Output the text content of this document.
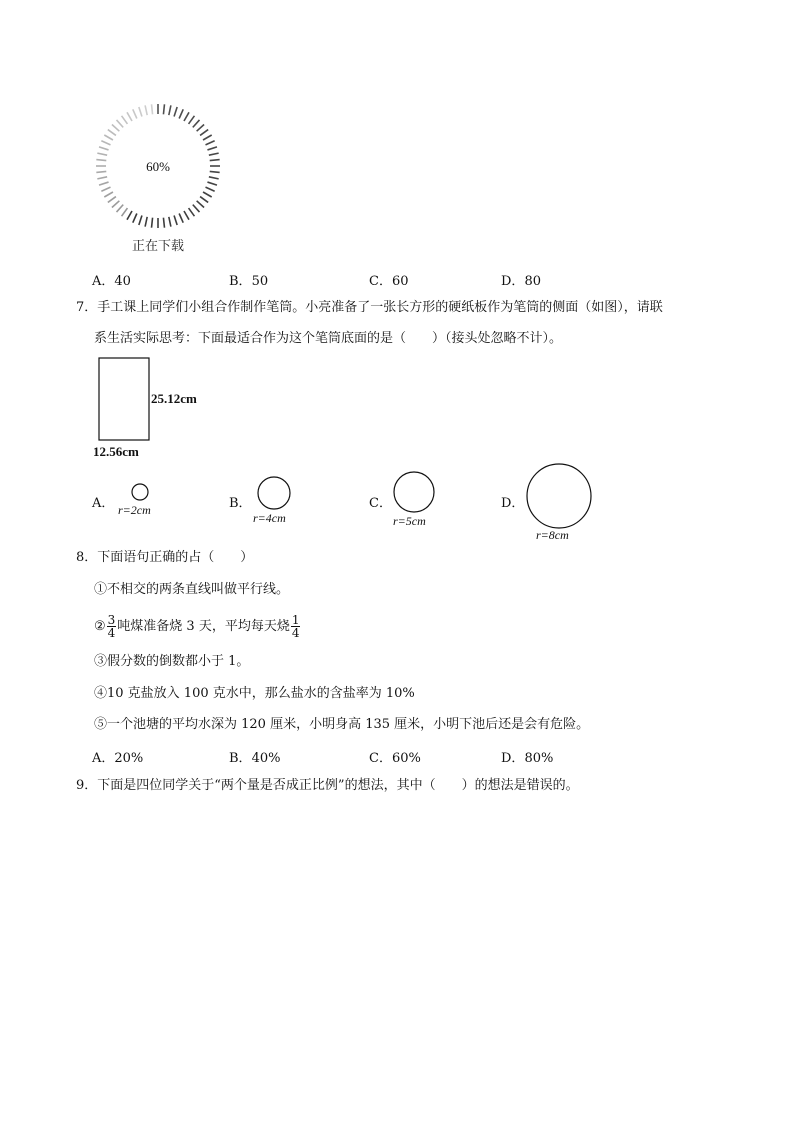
60%
正在下载
A．40	B．50	C．60	D．80
7．手工课上同学们小组合作制作笔筒。小亮准备了一张长方形的硬纸板作为笔筒的侧面（如图），请联
系生活实际思考：下面最适合作为这个笔筒底面的是（　　）（接头处忽略不计）。
25.12cm
12.56cm
A． r=2cm	B．
r=4cm
C．
r=5cm
D．
r=8cm
8．下面语句正确的占（　　）
①不相交的两条直线叫做平行线。
② $\frac{3}{4}$ 吨煤准备烧 3 天，平均每天烧 $\frac{1}{4}$
③假分数的倒数都小于 1。
④10 克盐放入 100 克水中，那么盐水的含盐率为 10%
⑤一个池塘的平均水深为 120 厘米，小明身高 135 厘米，小明下池后还是会有危险。
A．20%	B．40%	C．60%	D．80%
9．下面是四位同学关于“两个量是否成正比例”的想法，其中（　　）的想法是错误的。
